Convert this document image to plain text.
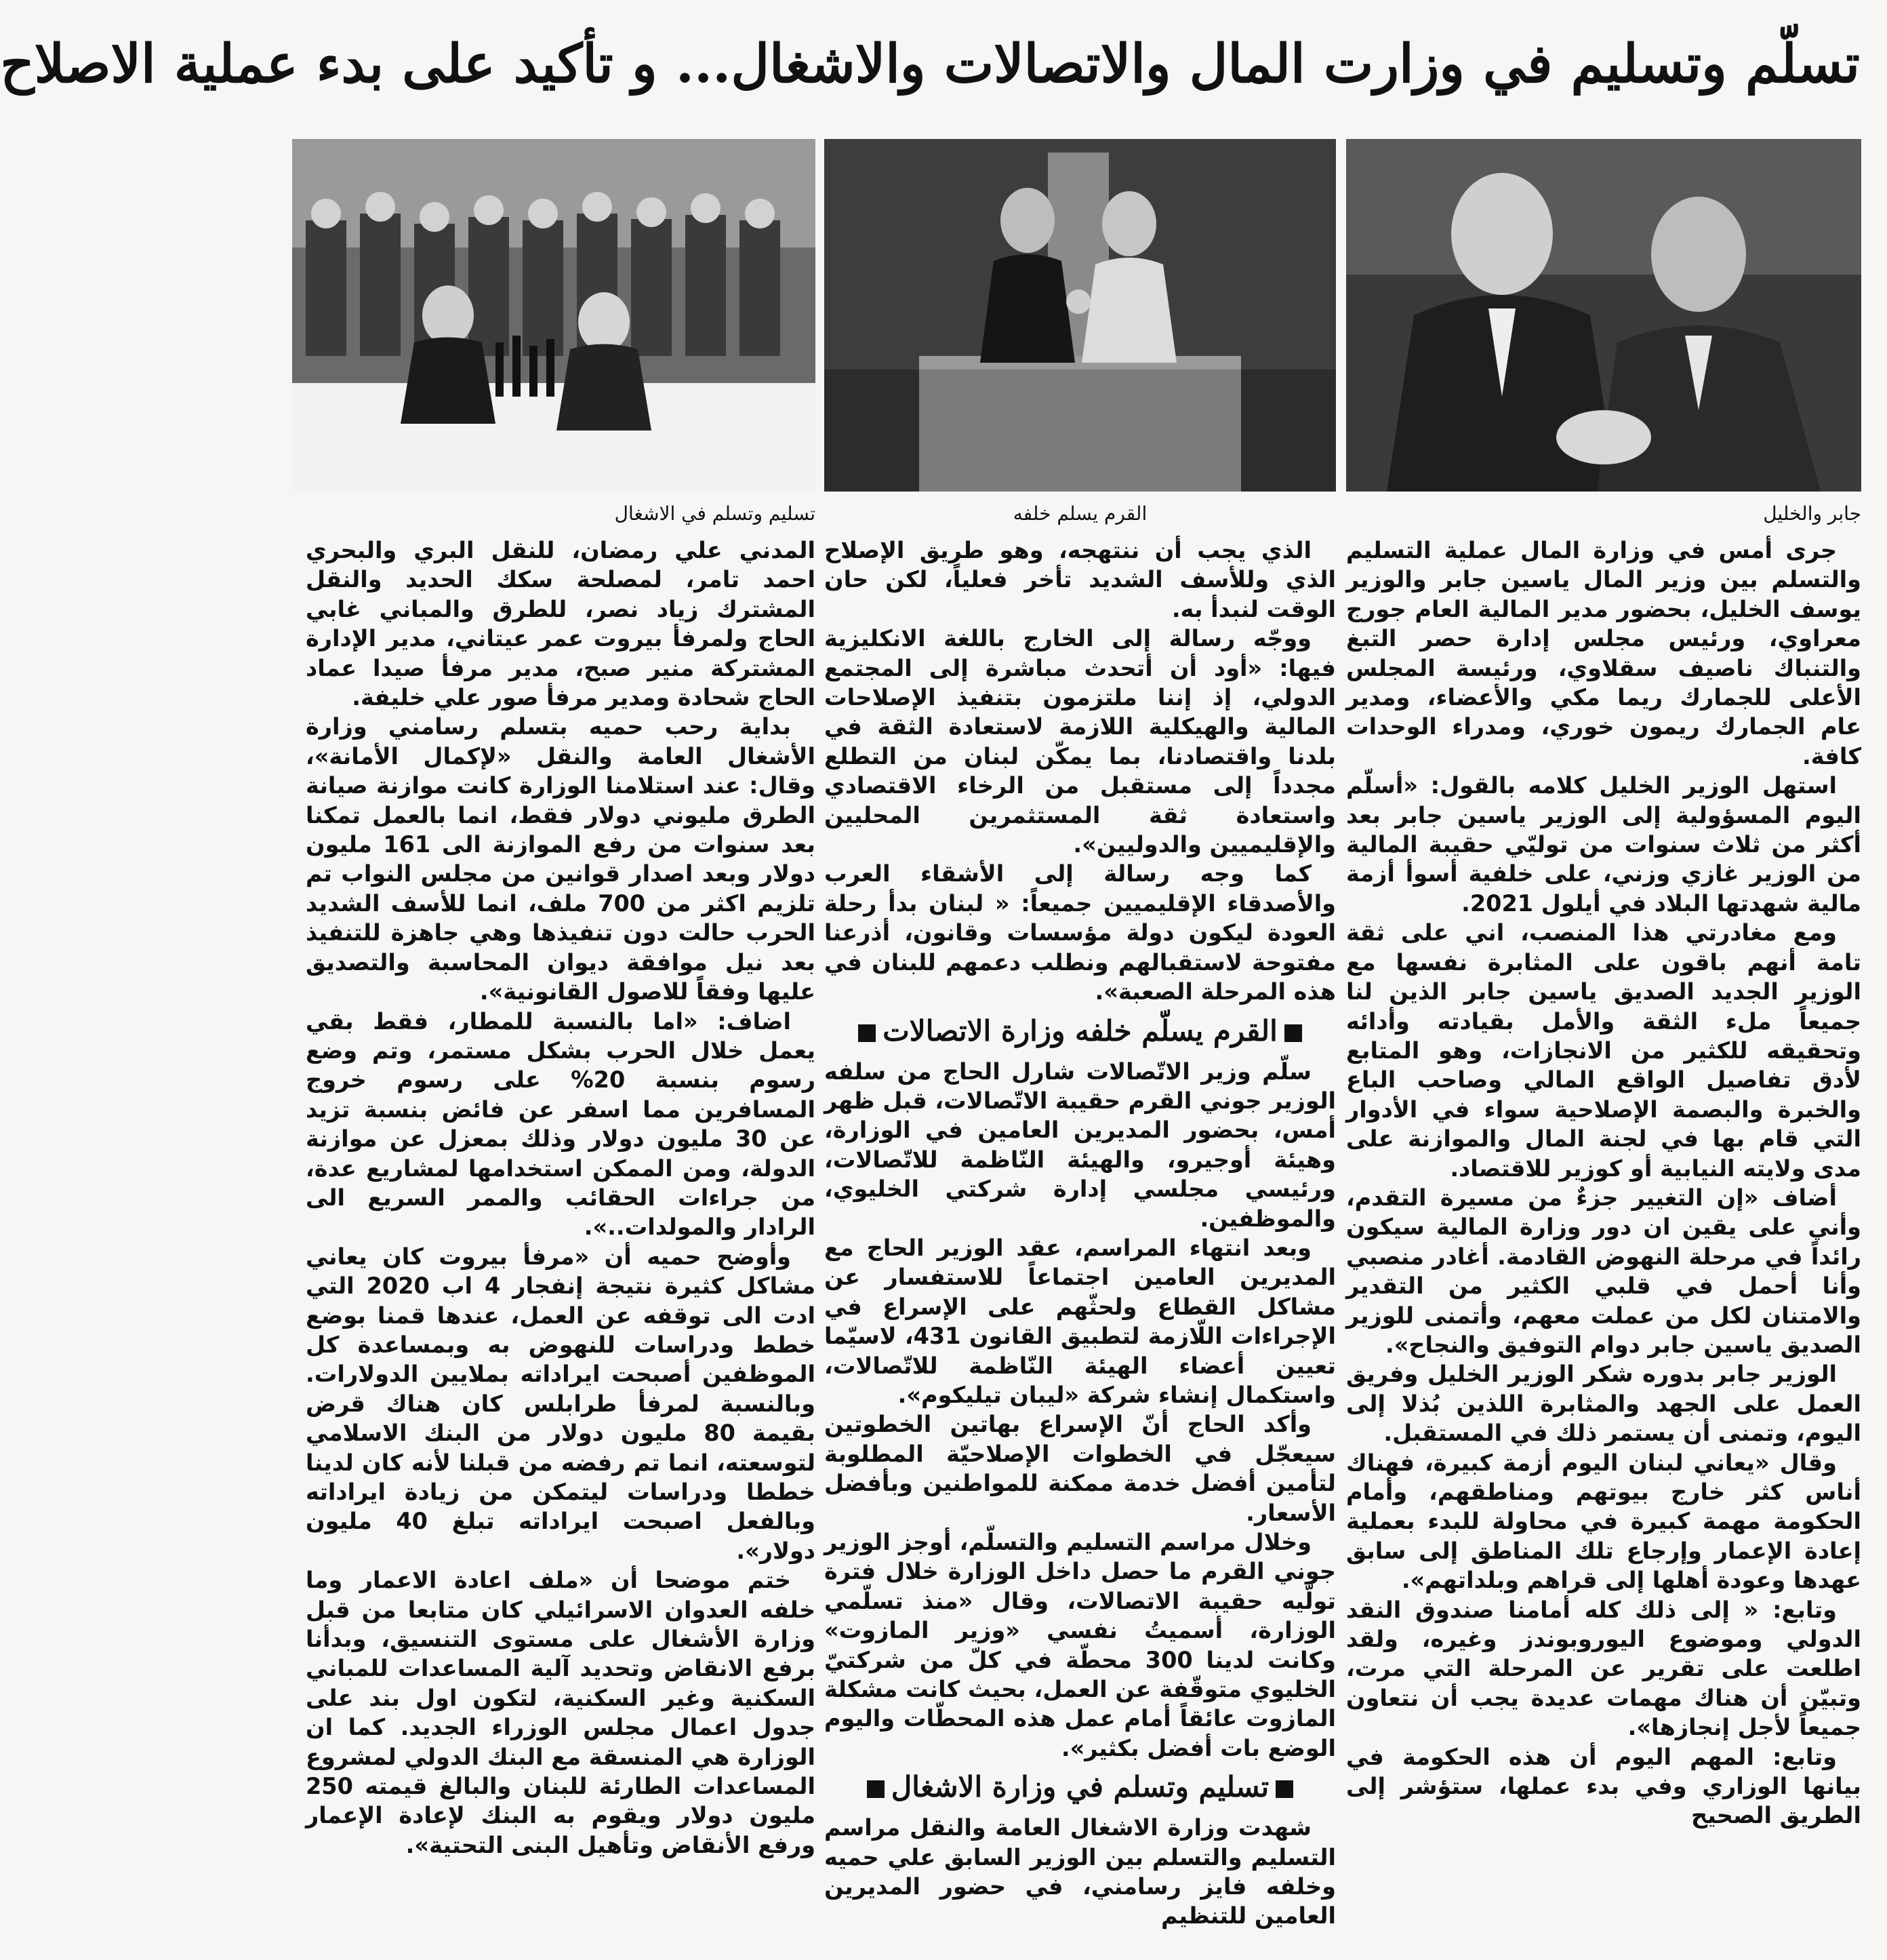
تسلّم وتسليم في وزارت المال والاتصالات والاشغال... و تأكيد على بدء عملية الاصلاح
جابر والخليل
القرم يسلم خلفه
تسليم وتسلم في الاشغال

جرى أمس في وزارة المال عملية التسليم والتسلم بين وزير المال ياسين جابر والوزير يوسف الخليل، بحضور مدير المالية العام جورج معراوي، ورئيس مجلس إدارة حصر التبغ والتنباك ناصيف سقلاوي، ورئيسة المجلس الأعلى للجمارك ريما مكي والأعضاء، ومدير عام الجمارك ريمون خوري، ومدراء الوحدات كافة.

استهل الوزير الخليل كلامه بالقول: «أسلّم اليوم المسؤولية إلى الوزير ياسين جابر بعد أكثر من ثلاث سنوات من توليّي حقيبة المالية من الوزير غازي وزني، على خلفية أسوأ أزمة مالية شهدتها البلاد في أيلول 2021.

ومع مغادرتي هذا المنصب، اني على ثقة تامة أنهم باقون على المثابرة نفسها مع الوزير الجديد الصديق ياسين جابر الذين لنا جميعاً ملء الثقة والأمل بقيادته وأدائه وتحقيقه للكثير من الانجازات، وهو المتابع لأدق تفاصيل الواقع المالي وصاحب الباع والخبرة والبصمة الإصلاحية سواء في الأدوار التي قام بها في لجنة المال والموازنة على مدى ولايته النيابية أو كوزير للاقتصاد.

أضاف «إن التغيير جزءٌ من مسيرة التقدم، وأني على يقين ان دور وزارة المالية سيكون رائداً في مرحلة النهوض القادمة. أغادر منصبي وأنا أحمل في قلبي الكثير من التقدير والامتنان لكل من عملت معهم، وأتمنى للوزير الصديق ياسين جابر دوام التوفيق والنجاح».

الوزير جابر بدوره شكر الوزير الخليل وفريق العمل على الجهد والمثابرة اللذين بُذلا إلى اليوم، وتمنى أن يستمر ذلك في المستقبل.

وقال «يعاني لبنان اليوم أزمة كبيرة، فهناك أناس كثر خارج بيوتهم ومناطقهم، وأمام الحكومة مهمة كبيرة في محاولة للبدء بعملية إعادة الإعمار وإرجاع تلك المناطق إلى سابق عهدها وعودة أهلها إلى قراهم وبلداتهم».

وتابع: « إلى ذلك كله أمامنا صندوق النقد الدولي وموضوع اليوروبوندز وغيره، ولقد اطلعت على تقرير عن المرحلة التي مرت، وتبيّن أن هناك مهمات عديدة يجب أن نتعاون جميعاً لأجل إنجازها».

وتابع: المهم اليوم أن هذه الحكومة في بيانها الوزاري وفي بدء عملها، ستؤشر إلى الطريق الصحيح

الذي يجب أن ننتهجه، وهو طريق الإصلاح الذي وللأسف الشديد تأخر فعلياً، لكن حان الوقت لنبدأ به.

ووجّه رسالة إلى الخارج باللغة الانكليزية فيها: «أود أن أتحدث مباشرة إلى المجتمع الدولي، إذ إننا ملتزمون بتنفيذ الإصلاحات المالية والهيكلية اللازمة لاستعادة الثقة في بلدنا واقتصادنا، بما يمكّن لبنان من التطلع مجدداً إلى مستقبل من الرخاء الاقتصادي واستعادة ثقة المستثمرين المحليين والإقليميين والدوليين».

كما وجه رسالة إلى الأشقاء العرب والأصدقاء الإقليميين جميعاً: « لبنان بدأ رحلة العودة ليكون دولة مؤسسات وقانون، أذرعنا مفتوحة لاستقبالهم ونطلب دعمهم للبنان في هذه المرحلة الصعبة».

القرم يسلّم خلفه وزارة الاتصالات

سلّم وزير الاتّصالات شارل الحاج من سلفه الوزير جوني القرم حقيبة الاتّصالات، قبل ظهر أمس، بحضور المديرين العامين في الوزارة، وهيئة أوجيرو، والهيئة النّاظمة للاتّصالات، ورئيسي مجلسي إدارة شركتي الخليوي، والموظفين.

وبعد انتهاء المراسم، عقد الوزير الحاج مع المديرين العامين اجتماعاً للاستفسار عن مشاكل القطاع ولحثّهم على الإسراع في الإجراءات اللّازمة لتطبيق القانون 431، لاسيّما تعيين أعضاء الهيئة النّاظمة للاتّصالات، واستكمال إنشاء شركة «ليبان تيليكوم».

وأكد الحاج أنّ الإسراع بهاتين الخطوتين سيعجّل في الخطوات الإصلاحيّة المطلوبة لتأمين أفضل خدمة ممكنة للمواطنين وبأفضل الأسعار.

وخلال مراسم التسليم والتسلّم، أوجز الوزير جوني القرم ما حصل داخل الوزارة خلال فترة تولّيه حقيبة الاتصالات، وقال «منذ تسلّمي الوزارة، أسميتُ نفسي «وزير المازوت» وكانت لدينا 300 محطّة في كلّ من شركتيّ الخليوي متوقّفة عن العمل، بحيث كانت مشكلة المازوت عائقاً أمام عمل هذه المحطّات واليوم الوضع بات أفضل بكثير».

تسليم وتسلم في وزارة الاشغال

شهدت وزارة الاشغال العامة والنقل مراسم التسليم والتسلم بين الوزير السابق علي حميه وخلفه فايز رسامني، في حضور المديرين العامين للتنظيم

المدني علي رمضان، للنقل البري والبحري احمد تامر، لمصلحة سكك الحديد والنقل المشترك زياد نصر، للطرق والمباني غابي الحاج ولمرفأ بيروت عمر عيتاني، مدير الإدارة المشتركة منير صبح، مدير مرفأ صيدا عماد الحاج شحادة ومدير مرفأ صور علي خليفة.

بداية رحب حميه بتسلم رسامني وزارة الأشغال العامة والنقل «لإكمال الأمانة»، وقال: عند استلامنا الوزارة كانت موازنة صيانة الطرق مليوني دولار فقط، انما بالعمل تمكنا بعد سنوات من رفع الموازنة الى 161 مليون دولار وبعد اصدار قوانين من مجلس النواب تم تلزيم اكثر من 700 ملف، انما للأسف الشديد الحرب حالت دون تنفيذها وهي جاهزة للتنفيذ بعد نيل موافقة ديوان المحاسبة والتصديق عليها وفقاً للاصول القانونية».

اضاف: «اما بالنسبة للمطار، فقط بقي يعمل خلال الحرب بشكل مستمر، وتم وضع رسوم بنسبة 20% على رسوم خروج المسافرين مما اسفر عن فائض بنسبة تزيد عن 30 مليون دولار وذلك بمعزل عن موازنة الدولة، ومن الممكن استخدامها لمشاريع عدة، من جراءات الحقائب والممر السريع الى الرادار والمولدات..».

وأوضح حميه أن «مرفأ بيروت كان يعاني مشاكل كثيرة نتيجة إنفجار 4 اب 2020 التي ادت الى توقفه عن العمل، عندها قمنا بوضع خطط ودراسات للنهوض به وبمساعدة كل الموظفين أصبحت ايراداته بملايين الدولارات. وبالنسبة لمرفأ طرابلس كان هناك قرض بقيمة 80 مليون دولار من البنك الاسلامي لتوسعته، انما تم رفضه من قبلنا لأنه كان لدينا خططا ودراسات ليتمكن من زيادة ايراداته وبالفعل اصبحت ايراداته تبلغ 40 مليون دولار».

ختم موضحا أن «ملف اعادة الاعمار وما خلفه العدوان الاسرائيلي كان متابعا من قبل وزارة الأشغال على مستوى التنسيق، وبدأنا برفع الانقاض وتحديد آلية المساعدات للمباني السكنية وغير السكنية، لتكون اول بند على جدول اعمال مجلس الوزراء الجديد. كما ان الوزارة هي المنسقة مع البنك الدولي لمشروع المساعدات الطارئة للبنان والبالغ قيمته 250 مليون دولار ويقوم به البنك لإعادة الإعمار ورفع الأنقاض وتأهيل البنى التحتية».
